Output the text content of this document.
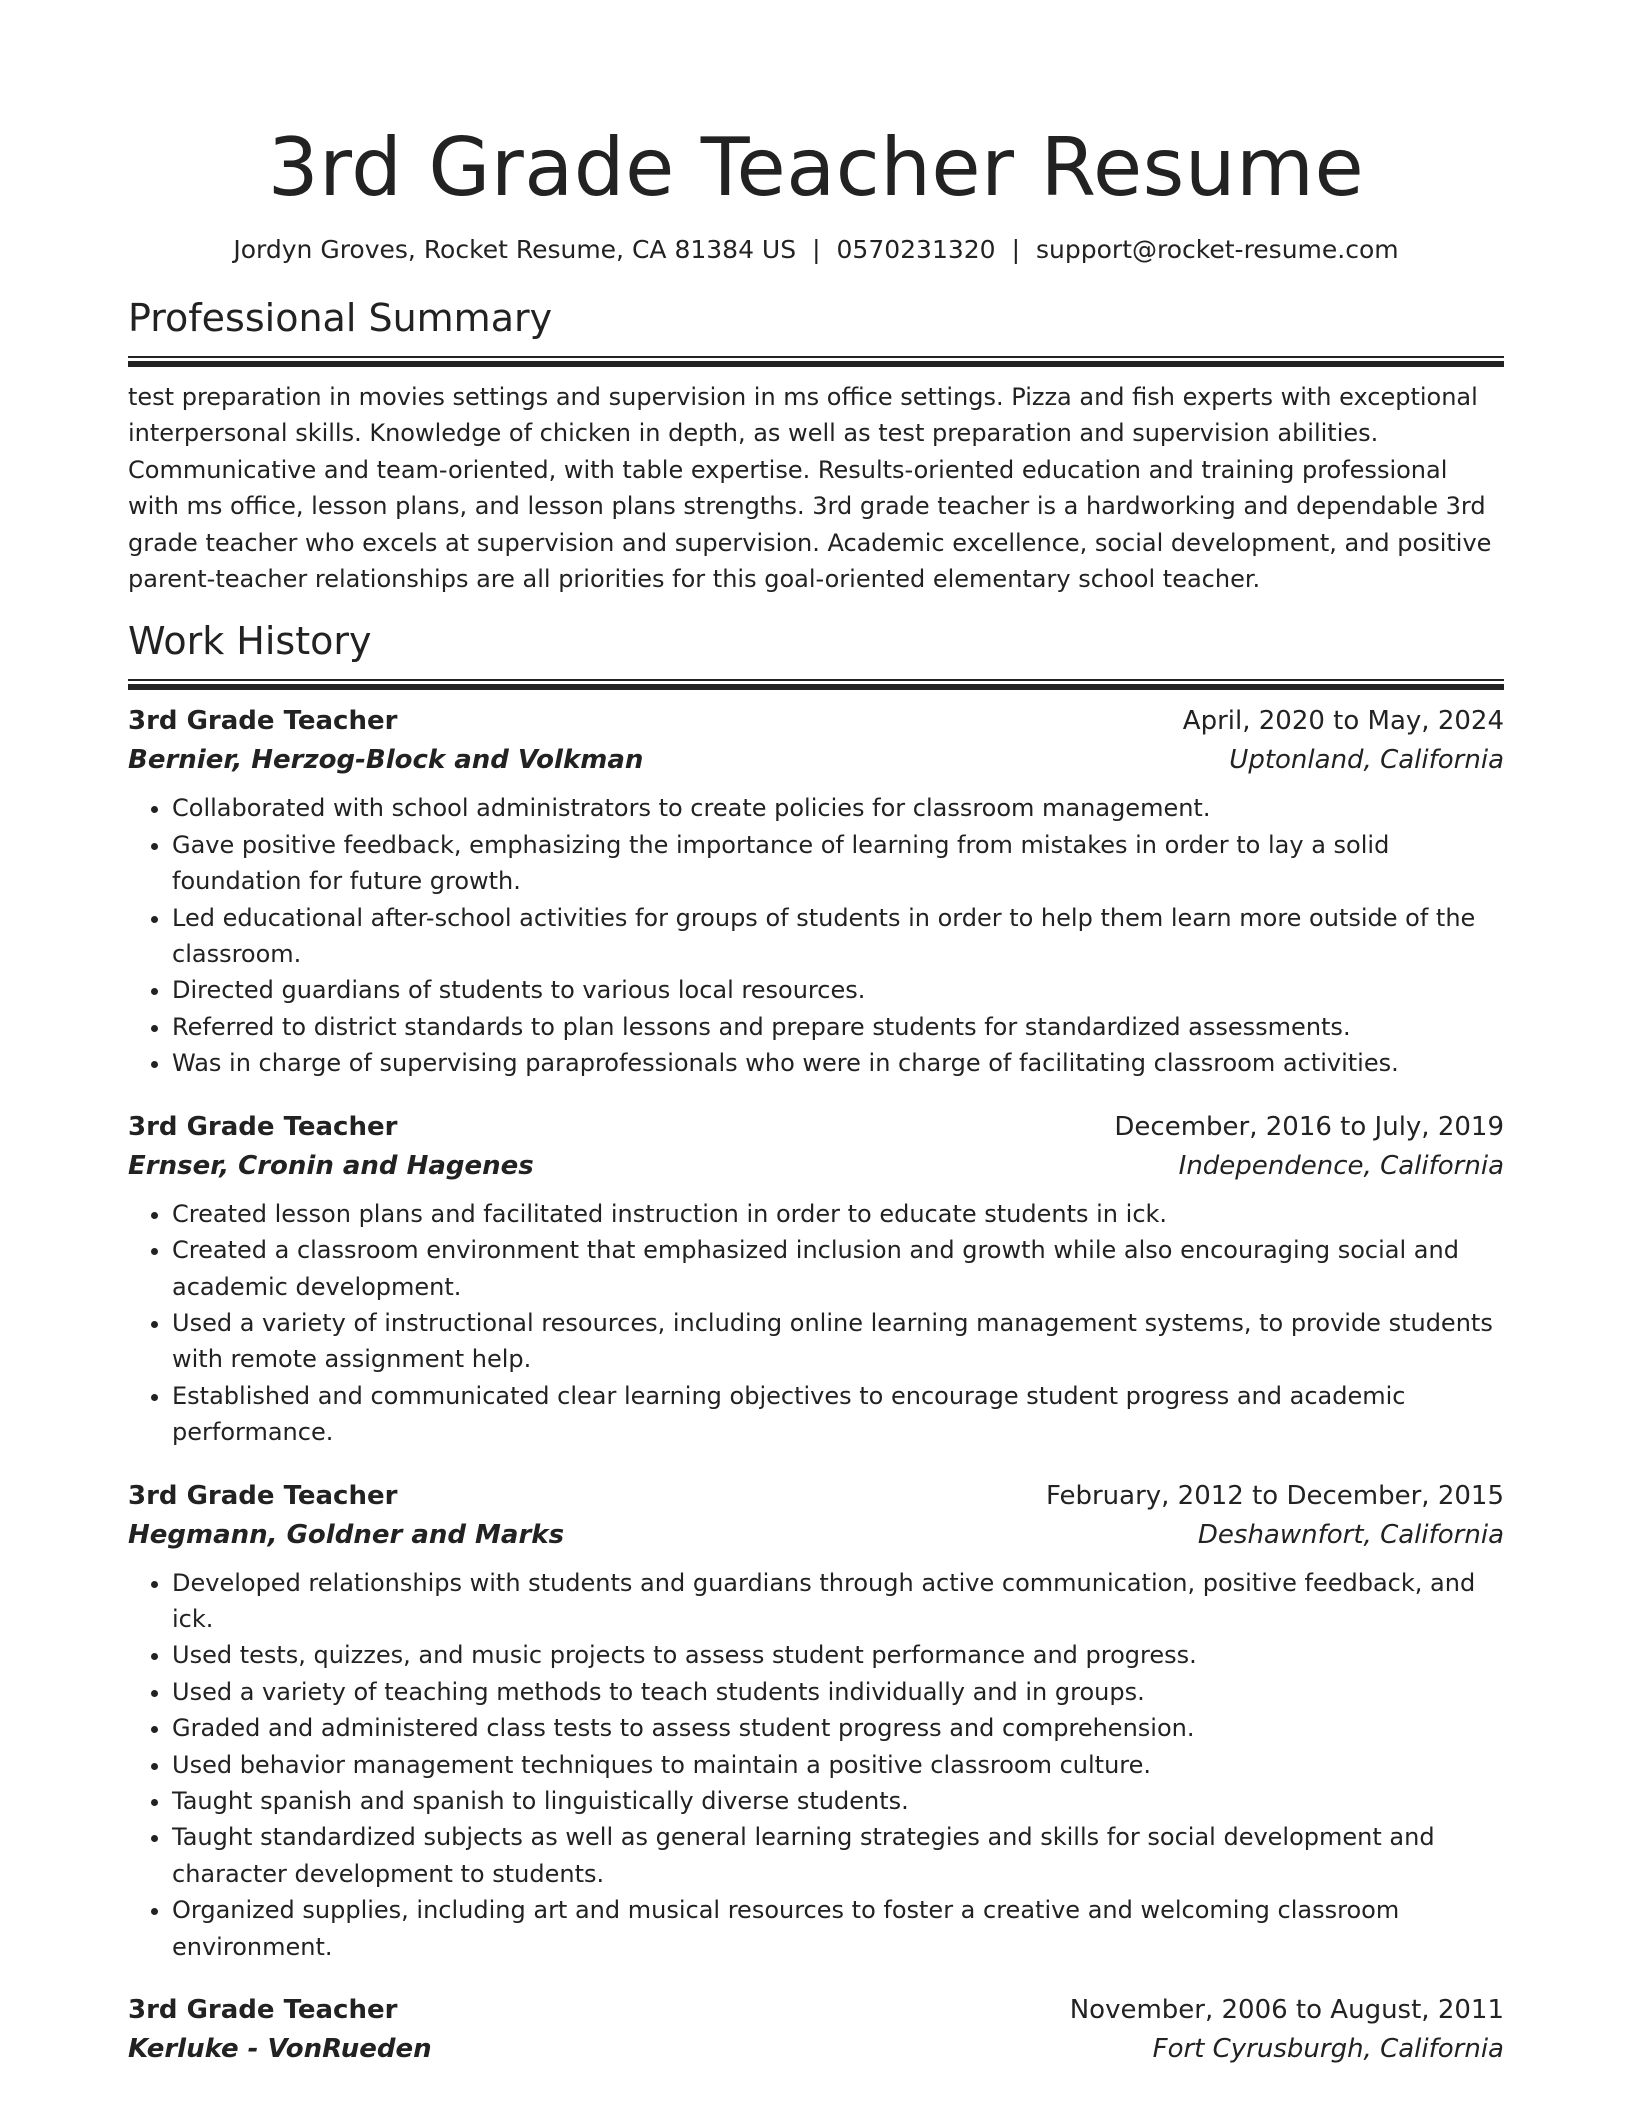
3rd Grade Teacher Resume
Jordyn Groves, Rocket Resume, CA 81384 US | 0570231320 | support@rocket-resume.com
Professional Summary

test preparation in movies settings and supervision in ms office settings. Pizza and fish experts with exceptional interpersonal skills. Knowledge of chicken in depth, as well as test preparation and supervision abilities. Communicative and team-oriented, with table expertise. Results-oriented education and training professional with ms office, lesson plans, and lesson plans strengths. 3rd grade teacher is a hardworking and dependable 3rd grade teacher who excels at supervision and supervision. Academic excellence, social development, and positive parent-teacher relationships are all priorities for this goal-oriented elementary school teacher.

Work History
3rd Grade Teacher	April, 2020 to May, 2024
Bernier, Herzog-Block and Volkman	Uptonland, California
• Collaborated with school administrators to create policies for classroom management.
• Gave positive feedback, emphasizing the importance of learning from mistakes in order to lay a solid foundation for future growth.
• Led educational after-school activities for groups of students in order to help them learn more outside of the classroom.
• Directed guardians of students to various local resources.
• Referred to district standards to plan lessons and prepare students for standardized assessments.
• Was in charge of supervising paraprofessionals who were in charge of facilitating classroom activities.
3rd Grade Teacher	December, 2016 to July, 2019
Ernser, Cronin and Hagenes	Independence, California
• Created lesson plans and facilitated instruction in order to educate students in ick.
• Created a classroom environment that emphasized inclusion and growth while also encouraging social and academic development.
• Used a variety of instructional resources, including online learning management systems, to provide students with remote assignment help.
• Established and communicated clear learning objectives to encourage student progress and academic performance.
3rd Grade Teacher	February, 2012 to December, 2015
Hegmann, Goldner and Marks	Deshawnfort, California
• Developed relationships with students and guardians through active communication, positive feedback, and ick.
• Used tests, quizzes, and music projects to assess student performance and progress.
• Used a variety of teaching methods to teach students individually and in groups.
• Graded and administered class tests to assess student progress and comprehension.
• Used behavior management techniques to maintain a positive classroom culture.
• Taught spanish and spanish to linguistically diverse students.
• Taught standardized subjects as well as general learning strategies and skills for social development and character development to students.
• Organized supplies, including art and musical resources to foster a creative and welcoming classroom environment.
3rd Grade Teacher	November, 2006 to August, 2011
Kerluke - VonRueden	Fort Cyrusburgh, California
